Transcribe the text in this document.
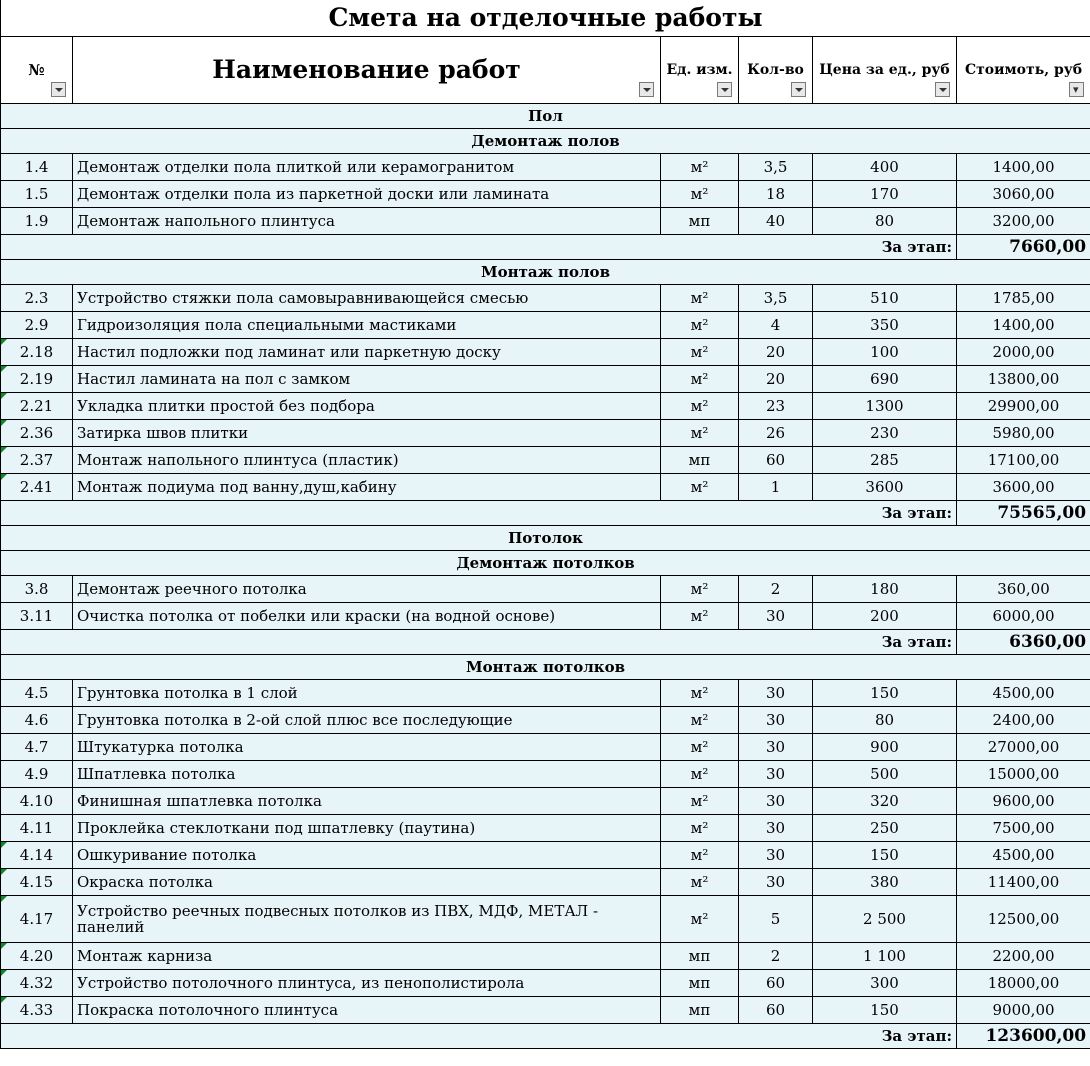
Смета на отделочные работы					
№	Наименование работ	Ед. изм.	Кол-во	Цена за ед., руб	Стоимоть, руб
▾

Пол					
Демонтаж полов					
1.4	Демонтаж отделки пола плиткой или керамогранитом	м²	3,5	400	1400,00
1.5	Демонтаж отделки пола из паркетной доски или ламината	м²	18	170	3060,00
1.9	Демонтаж напольного плинтуса	мп	40	80	3200,00
За этап:					7660,00
Монтаж полов					
2.3	Устройство стяжки пола самовыравнивающейся смесью	м²	3,5	510	1785,00
2.9	Гидроизоляция пола специальными мастиками	м²	4	350	1400,00

2.18	Настил подложки под ламинат или паркетную доску	м²	20	100	2000,00

2.19	Настил ламината на пол с замком	м²	20	690	13800,00

2.21	Укладка плитки простой без подбора	м²	23	1300	29900,00

2.36	Затирка швов плитки	м²	26	230	5980,00

2.37	Монтаж напольного плинтуса (пластик)	мп	60	285	17100,00

2.41	Монтаж подиума под ванну,душ,кабину	м²	1	3600	3600,00
За этап:					75565,00
Потолок					
Демонтаж потолков					
3.8	Демонтаж реечного потолка	м²	2	180	360,00
3.11	Очистка потолка от побелки или краски (на водной основе)	м²	30	200	6000,00
За этап:					6360,00
Монтаж потолков					
4.5	Грунтовка потолка в 1 слой	м²	30	150	4500,00
4.6	Грунтовка потолка в 2-ой слой плюс все последующие	м²	30	80	2400,00
4.7	Штукатурка потолка	м²	30	900	27000,00
4.9	Шпатлевка потолка	м²	30	500	15000,00
4.10	Финишная шпатлевка потолка	м²	30	320	9600,00
4.11	Проклейка стеклоткани под шпатлевку (паутина)	м²	30	250	7500,00

4.14	Ошкуривание потолка	м²	30	150	4500,00

4.15	Окраска потолка	м²	30	380	11400,00

4.17	Устройство реечных подвесных потолков из ПВХ, МДФ, МЕТАЛ - панелий	м²	5	2 500	12500,00

4.20	Монтаж карниза	мп	2	1 100	2200,00

4.32	Устройство потолочного плинтуса, из пенополистирола	мп	60	300	18000,00

4.33	Покраска потолочного плинтуса	мп	60	150	9000,00
За этап:					123600,00
